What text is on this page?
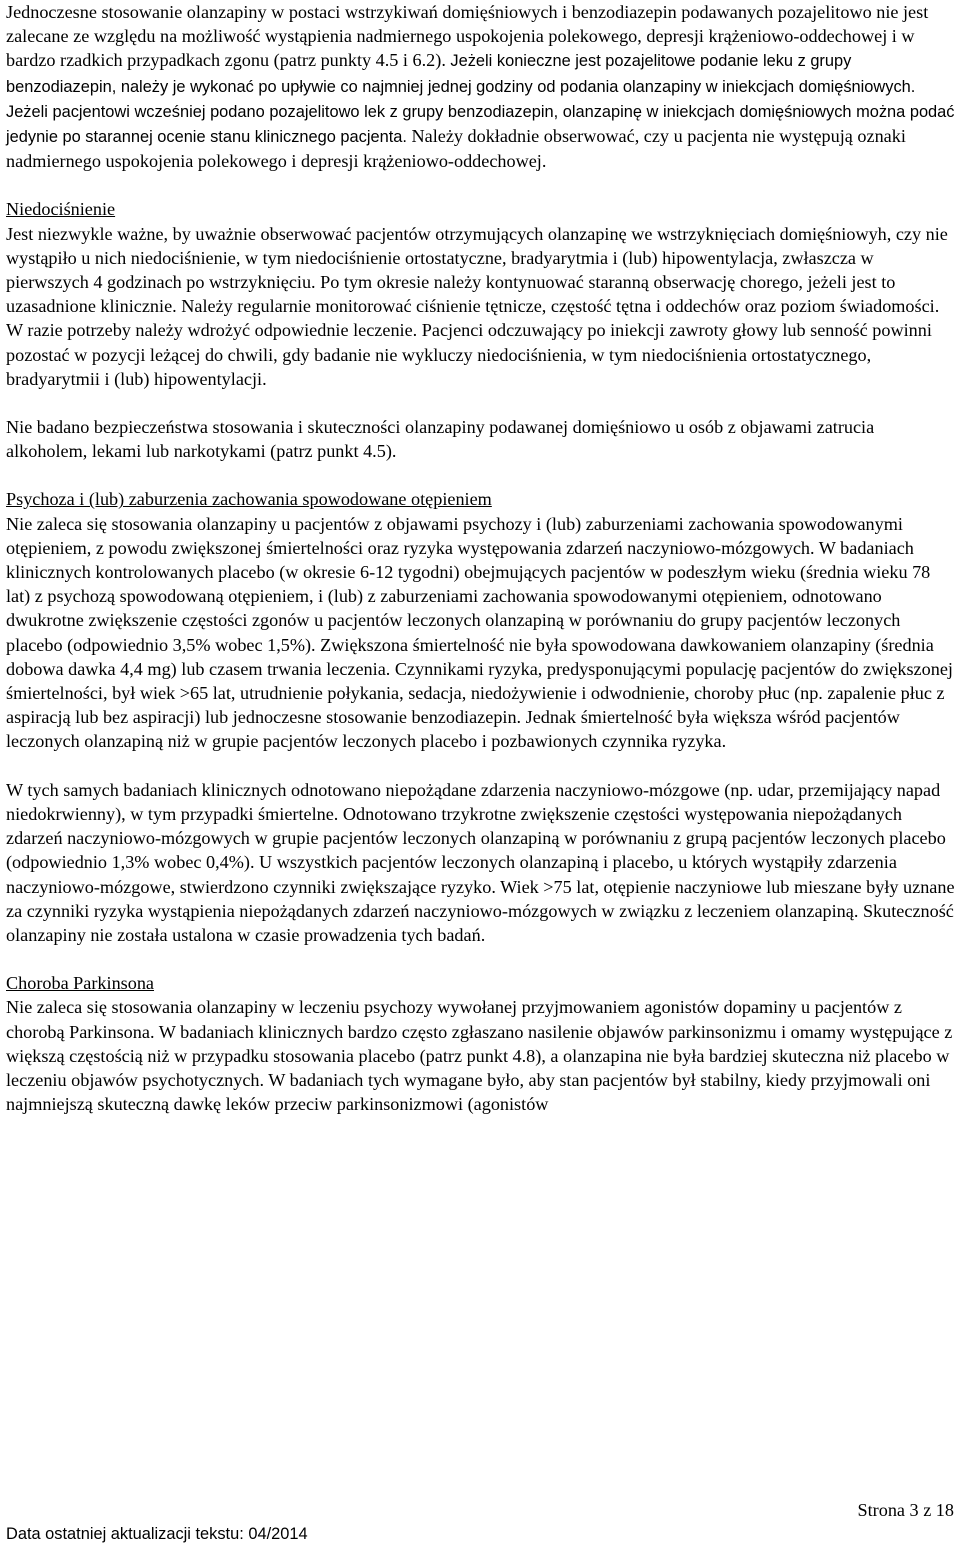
Jednoczesne stosowanie olanzapiny w postaci wstrzykiwań domięśniowych i benzodiazepin podawanych pozajelitowo nie jest zalecane ze względu na możliwość wystąpienia nadmiernego uspokojenia polekowego, depresji krążeniowo-oddechowej i w bardzo rzadkich przypadkach zgonu (patrz punkty 4.5 i 6.2). Jeżeli konieczne jest pozajelitowe podanie leku z grupy benzodiazepin, należy je wykonać po upływie co najmniej jednej godziny od podania olanzapiny w iniekcjach domięśniowych. Jeżeli pacjentowi wcześniej podano pozajelitowo lek z grupy benzodiazepin, olanzapinę w iniekcjach domięśniowych można podać jedynie po starannej ocenie stanu klinicznego pacjenta. Należy dokładnie obserwować, czy u pacjenta nie występują oznaki nadmiernego uspokojenia polekowego i depresji krążeniowo-oddechowej.

Niedociśnienie

Jest niezwykle ważne, by uważnie obserwować pacjentów otrzymujących olanzapinę we wstrzyknięciach domięśniowyh, czy nie wystąpiło u nich niedociśnienie, w tym niedociśnienie ortostatyczne, bradyarytmia i (lub) hipowentylacja, zwłaszcza w pierwszych 4 godzinach po wstrzyknięciu. Po tym okresie należy kontynuować staranną obserwację chorego, jeżeli jest to uzasadnione klinicznie. Należy regularnie monitorować ciśnienie tętnicze, częstość tętna i oddechów oraz poziom świadomości. W razie potrzeby należy wdrożyć odpowiednie leczenie. Pacjenci odczuwający po iniekcji zawroty głowy lub senność powinni pozostać w pozycji leżącej do chwili, gdy badanie nie wykluczy niedociśnienia, w tym niedociśnienia ortostatycznego, bradyarytmii i (lub) hipowentylacji.

Nie badano bezpieczeństwa stosowania i skuteczności olanzapiny podawanej domięśniowo u osób z objawami zatrucia alkoholem, lekami lub narkotykami (patrz punkt 4.5).

Psychoza i (lub) zaburzenia zachowania spowodowane otępieniem

Nie zaleca się stosowania olanzapiny u pacjentów z objawami psychozy i (lub) zaburzeniami zachowania spowodowanymi otępieniem, z powodu zwiększonej śmiertelności oraz ryzyka występowania zdarzeń naczyniowo-mózgowych. W badaniach klinicznych kontrolowanych placebo (w okresie 6-12 tygodni) obejmujących pacjentów w podeszłym wieku (średnia wieku 78 lat) z psychozą spowodowaną otępieniem, i (lub) z zaburzeniami zachowania spowodowanymi otępieniem, odnotowano dwukrotne zwiększenie częstości zgonów u pacjentów leczonych olanzapiną w porównaniu do grupy pacjentów leczonych placebo (odpowiednio 3,5% wobec 1,5%). Zwiększona śmiertelność nie była spowodowana dawkowaniem olanzapiny (średnia dobowa dawka 4,4 mg) lub czasem trwania leczenia. Czynnikami ryzyka, predysponującymi populację pacjentów do zwiększonej śmiertelności, był wiek >65 lat, utrudnienie połykania, sedacja, niedożywienie i odwodnienie, choroby płuc (np. zapalenie płuc z aspiracją lub bez aspiracji) lub jednoczesne stosowanie benzodiazepin. Jednak śmiertelność była większa wśród pacjentów leczonych olanzapiną niż w grupie pacjentów leczonych placebo i pozbawionych czynnika ryzyka.

W tych samych badaniach klinicznych odnotowano niepożądane zdarzenia naczyniowo-mózgowe (np. udar, przemijający napad niedokrwienny), w tym przypadki śmiertelne. Odnotowano trzykrotne zwiększenie częstości występowania niepożądanych zdarzeń naczyniowo-mózgowych w grupie pacjentów leczonych olanzapiną w porównaniu z grupą pacjentów leczonych placebo (odpowiednio 1,3% wobec 0,4%). U wszystkich pacjentów leczonych olanzapiną i placebo, u których wystąpiły zdarzenia naczyniowo-mózgowe, stwierdzono czynniki zwiększające ryzyko. Wiek >75 lat, otępienie naczyniowe lub mieszane były uznane za czynniki ryzyka wystąpienia niepożądanych zdarzeń naczyniowo-mózgowych w związku z leczeniem olanzapiną. Skuteczność olanzapiny nie została ustalona w czasie prowadzenia tych badań.

Choroba Parkinsona

Nie zaleca się stosowania olanzapiny w leczeniu psychozy wywołanej przyjmowaniem agonistów dopaminy u pacjentów z chorobą Parkinsona. W badaniach klinicznych bardzo często zgłaszano nasilenie objawów parkinsonizmu i omamy występujące z większą częstością niż w przypadku stosowania placebo (patrz punkt 4.8), a olanzapina nie była bardziej skuteczna niż placebo w leczeniu objawów psychotycznych. W badaniach tych wymagane było, aby stan pacjentów był stabilny, kiedy przyjmowali oni najmniejszą skuteczną dawkę leków przeciw parkinsonizmowi (agonistów

Strona 3 z 18
Data ostatniej aktualizacji tekstu: 04/2014
